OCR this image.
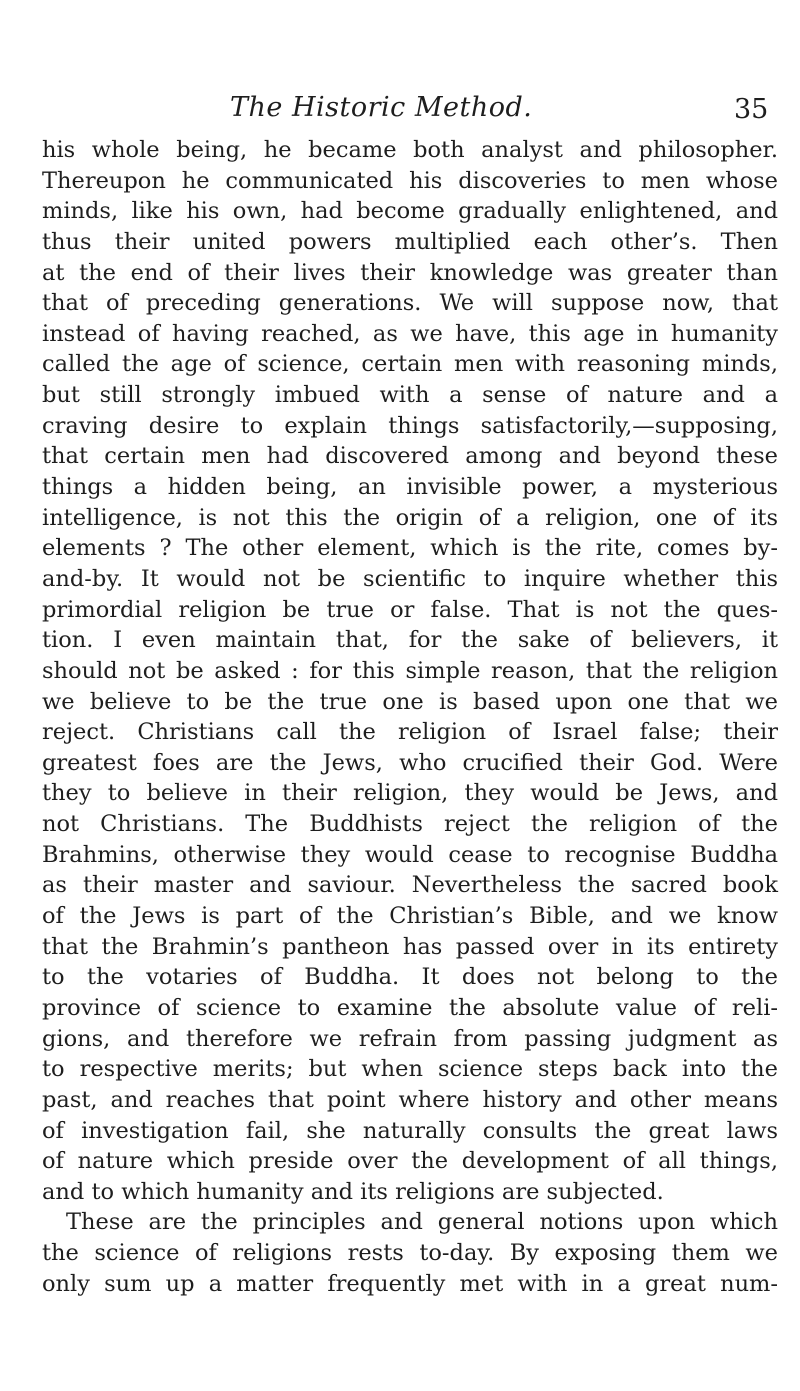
The Historic Method.	35
his whole being, he became both analyst and philosopher.
Thereupon he communicated his discoveries to men whose
minds, like his own, had become gradually enlightened, and
thus their united powers multiplied each other’s. Then
at the end of their lives their knowledge was greater than
that of preceding generations. We will suppose now, that
instead of having reached, as we have, this age in humanity
called the age of science, certain men with reasoning minds,
but still strongly imbued with a sense of nature and a
craving desire to explain things satisfactorily,—supposing,
that certain men had discovered among and beyond these
things a hidden being, an invisible power, a mysterious
intelligence, is not this the origin of a religion, one of its
elements ? The other element, which is the rite, comes by-
and-by. It would not be scientific to inquire whether this
primordial religion be true or false. That is not the ques-
tion. I even maintain that, for the sake of believers, it
should not be asked : for this simple reason, that the religion
we believe to be the true one is based upon one that we
reject. Christians call the religion of Israel false; their
greatest foes are the Jews, who crucified their God. Were
they to believe in their religion, they would be Jews, and
not Christians. The Buddhists reject the religion of the
Brahmins, otherwise they would cease to recognise Buddha
as their master and saviour. Nevertheless the sacred book
of the Jews is part of the Christian’s Bible, and we know
that the Brahmin’s pantheon has passed over in its entirety
to the votaries of Buddha. It does not belong to the
province of science to examine the absolute value of reli-
gions, and therefore we refrain from passing judgment as
to respective merits; but when science steps back into the
past, and reaches that point where history and other means
of investigation fail, she naturally consults the great laws
of nature which preside over the development of all things,
and to which humanity and its religions are subjected.
These are the principles and general notions upon which
the science of religions rests to-day. By exposing them we
only sum up a matter frequently met with in a great num-
